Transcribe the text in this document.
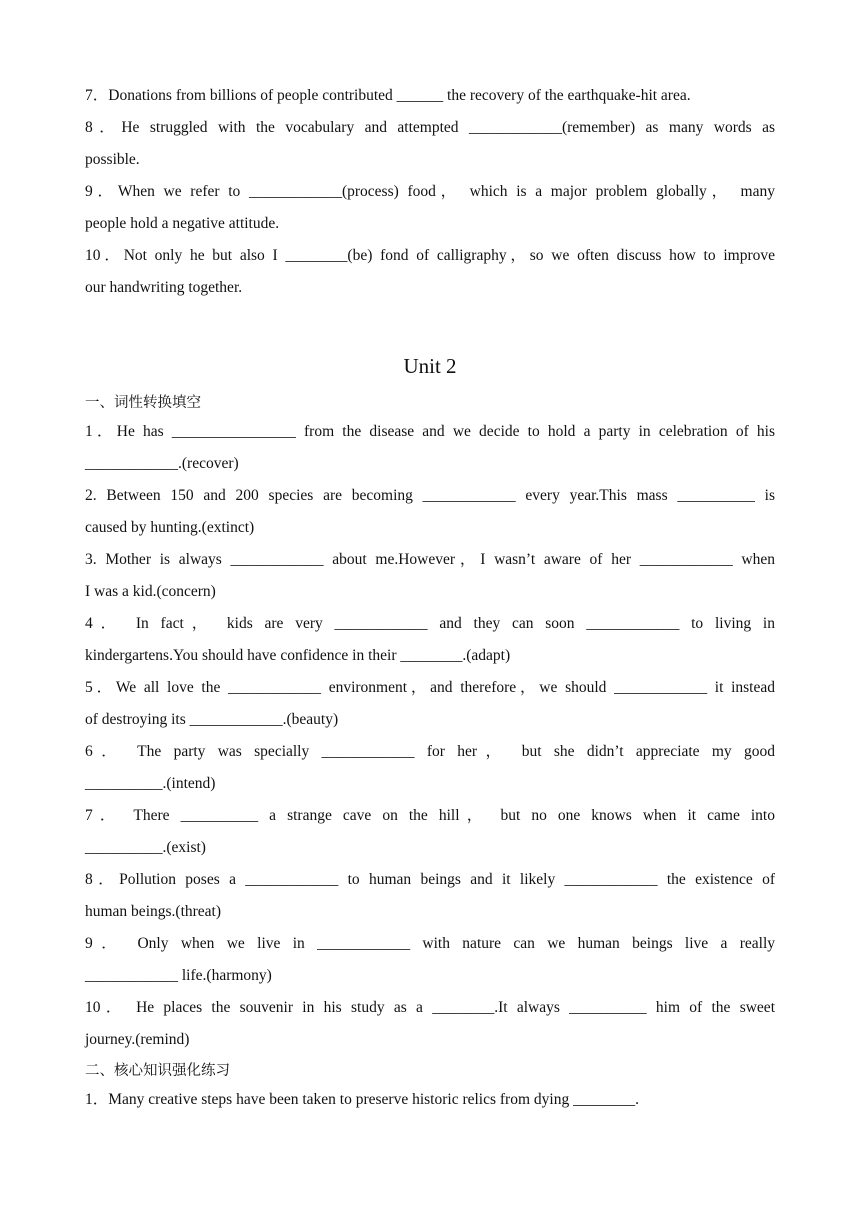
7．Donations from billions of people contributed ______ the recovery of the earthquake-hit area.
8．He struggled with the vocabulary and attempted ____________(remember) as many words as
possible.
9．When we refer to ____________(process) food， which is a major problem globally， many
people hold a negative attitude.
10．Not only he but also I ________(be) fond of calligraphy，so we often discuss how to improve
our handwriting together.
Unit 2
一、词性转换填空
1．He has ________________ from the disease and we decide to hold a party in celebration of his
____________.(recover)
2. Between 150 and 200 species are becoming ____________ every year.This mass __________ is
caused by hunting.(extinct)
3. Mother is always ____________ about me.However，I wasn’t aware of her ____________ when
I was a kid.(concern)
4． In fact， kids are very ____________ and they can soon ____________ to living in
kindergartens.You should have confidence in their ________.(adapt)
5．We all love the ____________ environment，and therefore，we should ____________ it instead
of destroying its ____________.(beauty)
6． The party was specially ____________ for her， but she didn’t appreciate my good
__________.(intend)
7． There __________ a strange cave on the hill， but no one knows when it came into
__________.(exist)
8．Pollution poses a ____________ to human beings and it likely ____________ the existence of
human beings.(threat)
9． Only when we live in ____________ with nature can we human beings live a really
____________ life.(harmony)
10． He places the souvenir in his study as a ________.It always __________ him of the sweet
journey.(remind)
二、核心知识强化练习
1．Many creative steps have been taken to preserve historic relics from dying ________.
